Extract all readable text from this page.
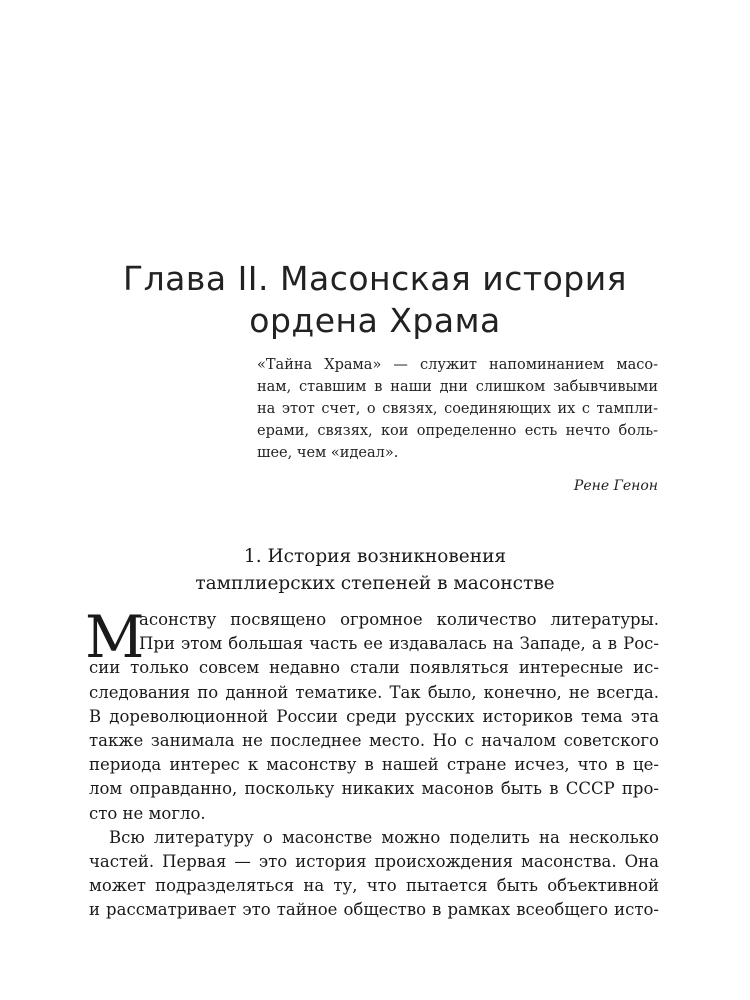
Глава II. Масонская история
ордена Храма
«Тайна Храма» — служит напоминанием масо-
нам, ставшим в наши дни слишком забывчивыми
на этот счет, о связях, соединяющих их с тампли-
ерами, связях, кои определенно есть нечто боль-
шее, чем «идеал».
Рене Генон
1. История возникновения
тамплиерских степеней в масонстве
М
асонству посвящено огромное количество литературы.
При этом большая часть ее издавалась на Западе, а в Рос-
сии только совсем недавно стали появляться интересные ис-
следования по данной тематике. Так было, конечно, не всегда.
В дореволюционной России среди русских историков тема эта
также занимала не последнее место. Но с началом советского
периода интерес к масонству в нашей стране исчез, что в це-
лом оправданно, поскольку никаких масонов быть в СССР про-
сто не могло.
Всю литературу о масонстве можно поделить на несколько
частей. Первая — это история происхождения масонства. Она
может подразделяться на ту, что пытается быть объективной
и рассматривает это тайное общество в рамках всеобщего исто-
